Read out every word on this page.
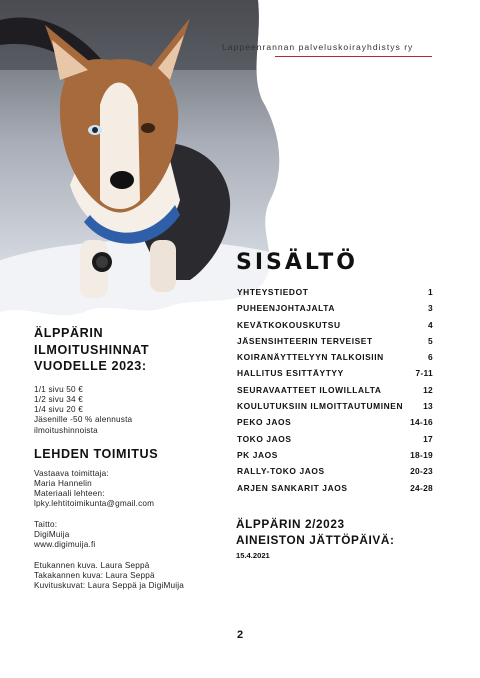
Lappeenrannan palveluskoirayhdistys ry
SISÄLTÖ
YHTEYSTIEDOT	1
PUHEENJOHTAJALTA	3
KEVÄTKOKOUSKUTSU	4
JÄSENSIHTEERIN TERVEISET	5
KOIRANÄYTTELYYN TALKOISIIN	6
HALLITUS ESITTÄYTYY	7-11
SEURAVAATTEET ILOWILLALTA	12
KOULUTUKSIIN ILMOITTAUTUMINEN 13
PEKO JAOS	14-16
TOKO JAOS	17
PK JAOS	18-19
RALLY-TOKO JAOS	20-23
ARJEN SANKARIT JAOS	24-28
ÄLPPÄRIN
ILMOITUSHINNAT
VUODELLE 2023:
1/1 sivu 50 €
1/2 sivu 34 €
1/4 sivu 20 €
Jäsenille -50 % alennusta
ilmoitushinnoista
LEHDEN TOIMITUS
Vastaava toimittaja:
Maria Hannelin
Materiaali lehteen:
lpky.lehtitoimikunta@gmail.com
Taitto:
DigiMuija
www.digimuija.fi
Etukannen kuva. Laura Seppä
Takakannen kuva: Laura Seppä
Kuvituskuvat: Laura Seppä ja DigiMuija
ÄLPPÄRIN 2/2023
AINEISTON JÄTTÖPÄIVÄ:
15.4.2021
2
